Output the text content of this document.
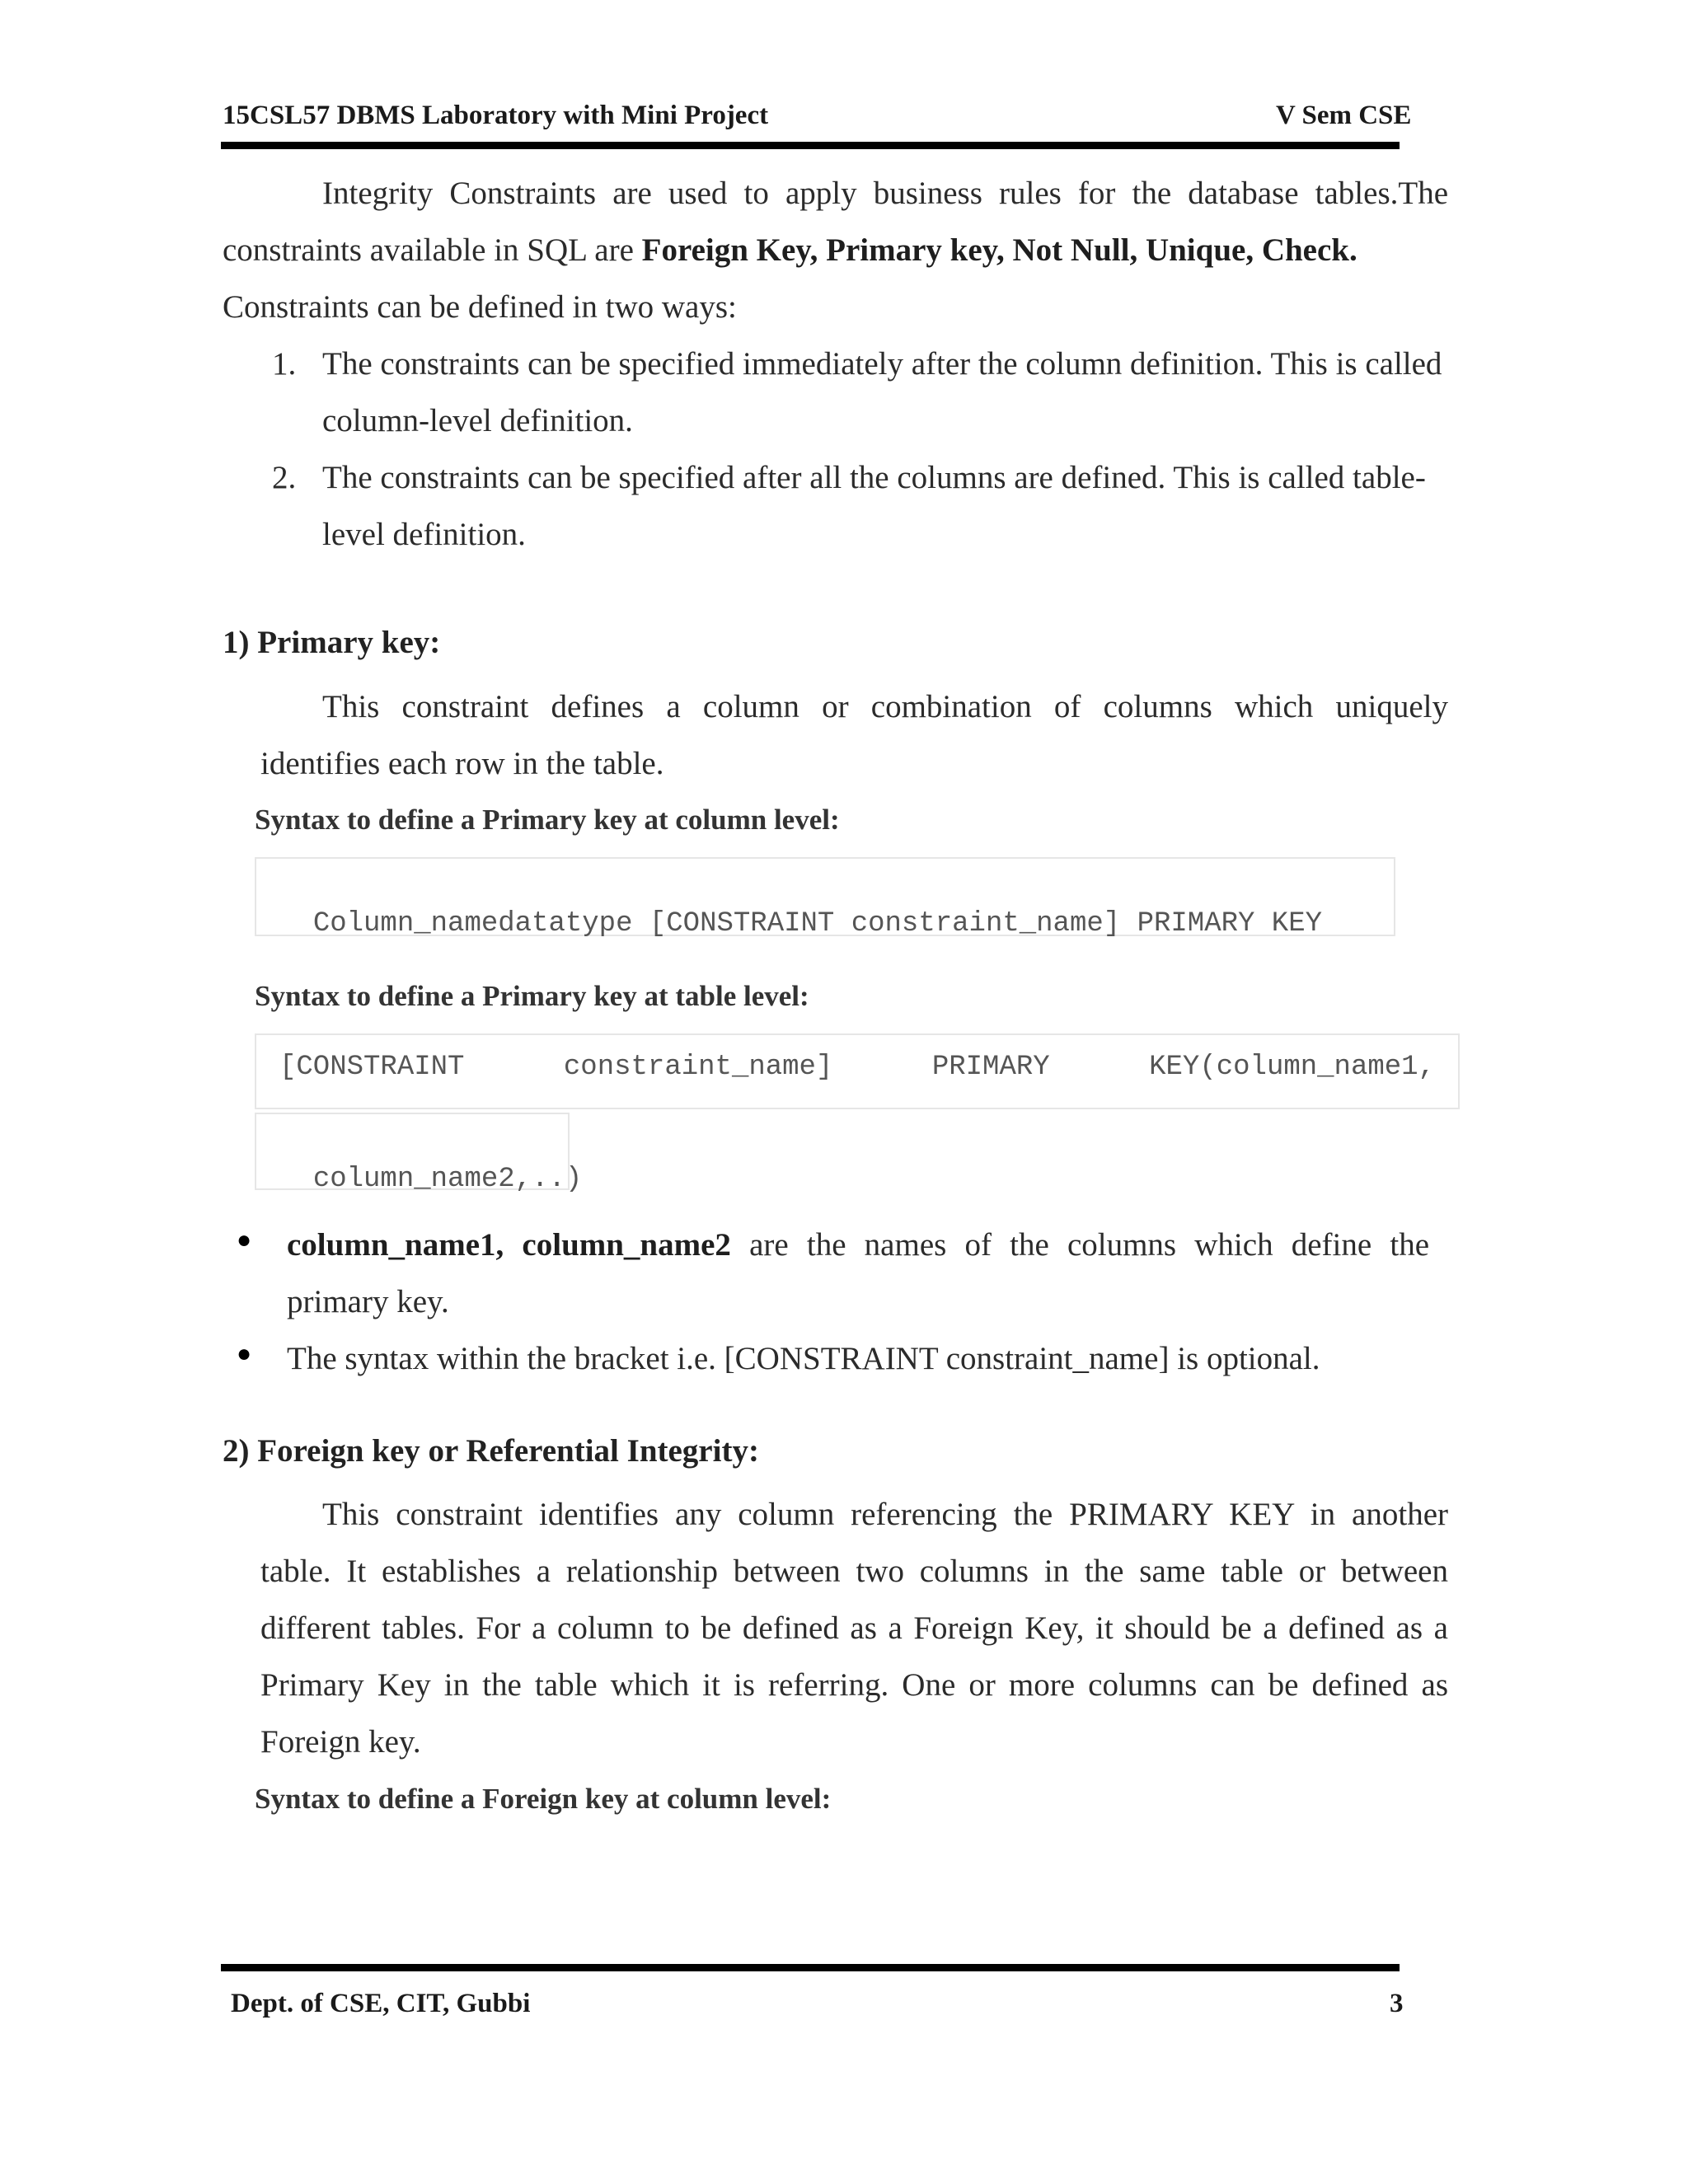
15CSL57 DBMS Laboratory with Mini Project	V Sem CSE
Integrity Constraints are used to apply business rules for the database tables.The
constraints available in SQL are Foreign Key, Primary key, Not Null, Unique, Check.
Constraints can be defined in two ways:
1. The constraints can be specified immediately after the column definition. This is called
column-level definition.
2. The constraints can be specified after all the columns are defined. This is called table-
level definition.
1) Primary key:
This constraint defines a column or combination of columns which uniquely
identifies each row in the table.
Syntax to define a Primary key at column level:

Column_namedatatype [CONSTRAINT constraint_name] PRIMARY KEY

Syntax to define a Primary key at table level:
[CONSTRAINT	constraint_name]	PRIMARY	KEY(column_name1,

column_name2,..)

● column_name1, column_name2 are the names of the columns which define the
primary key.
● The syntax within the bracket i.e. [CONSTRAINT constraint_name] is optional.
2) Foreign key or Referential Integrity:
This constraint identifies any column referencing the PRIMARY KEY in another
table. It establishes a relationship between two columns in the same table or between
different tables. For a column to be defined as a Foreign Key, it should be a defined as a
Primary Key in the table which it is referring. One or more columns can be defined as
Foreign key.
Syntax to define a Foreign key at column level:
Dept. of CSE, CIT, Gubbi	3
